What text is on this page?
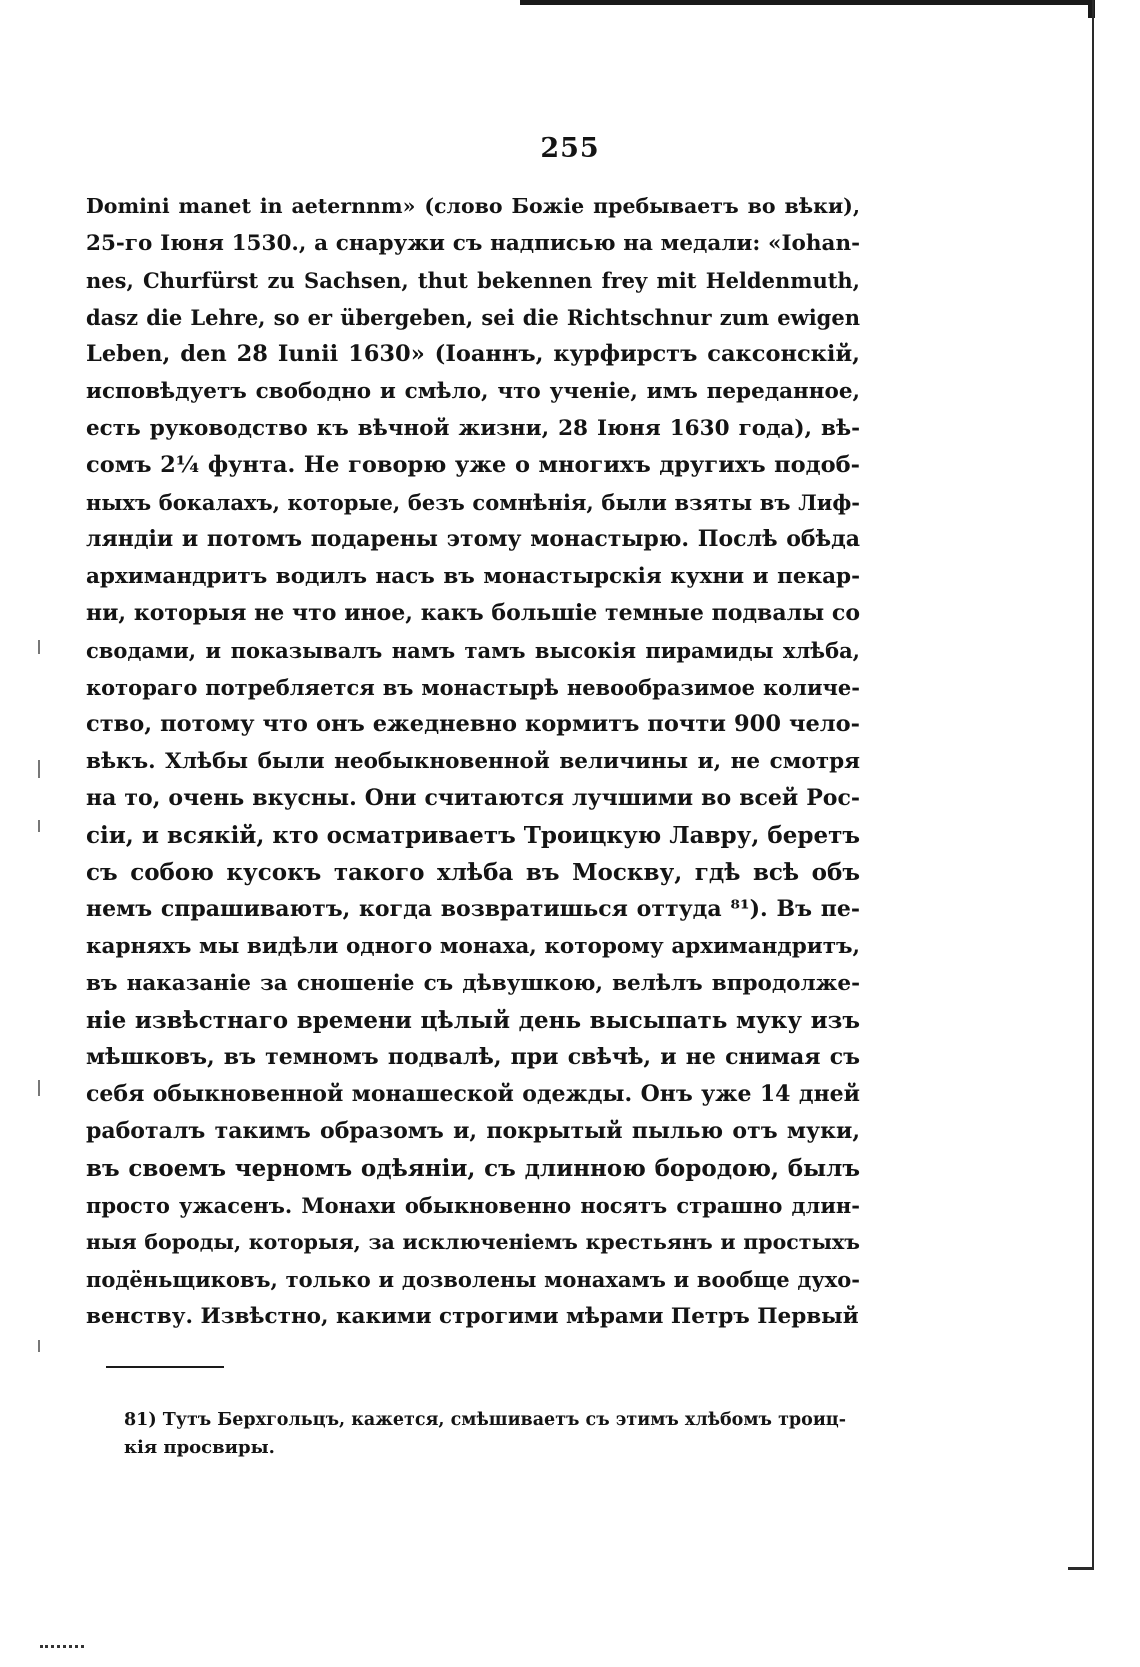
255
Domini manet in aeternnm» (слово Божіе пребываетъ во вѣки),
25-го Іюня 1530., а снаружи съ надписью на медали: «Iohan-
nes, Churfürst zu Sachsen, thut bekennen frey mit Heldenmuth,
dasz die Lehre, so er übergeben, sei die Richtschnur zum ewigen
Leben, den 28 Iunii 1630» (Іоаннъ, курфирстъ саксонскій,
исповѣдуетъ свободно и смѣло, что ученіе, имъ переданное,
есть руководство къ вѣчной жизни, 28 Іюня 1630 года), вѣ-
сомъ 2¼ фунта. Не говорю уже о многихъ другихъ подоб-
ныхъ бокалахъ, которые, безъ сомнѣнія, были взяты въ Лиф-
ляндіи и потомъ подарены этому монастырю. Послѣ обѣда
архимандритъ водилъ насъ въ монастырскія кухни и пекар-
ни, которыя не что иное, какъ большіе темные подвалы со
сводами, и показывалъ намъ тамъ высокія пирамиды хлѣба,
котораго потребляется въ монастырѣ невообразимое количе-
ство, потому что онъ ежедневно кормитъ почти 900 чело-
вѣкъ. Хлѣбы были необыкновенной величины и, не смотря
на то, очень вкусны. Они считаются лучшими во всей Рос-
сіи, и всякій, кто осматриваетъ Троицкую Лавру, беретъ
съ собою кусокъ такого хлѣба въ Москву, гдѣ всѣ объ
немъ спрашиваютъ, когда возвратишься оттуда ⁸¹). Въ пе-
карняхъ мы видѣли одного монаха, которому архимандритъ,
въ наказаніе за сношеніе съ дѣвушкою, велѣлъ впродолже-
ніе извѣстнаго времени цѣлый день высыпать муку изъ
мѣшковъ, въ темномъ подвалѣ, при свѣчѣ, и не снимая съ
себя обыкновенной монашеской одежды. Онъ уже 14 дней
работалъ такимъ образомъ и, покрытый пылью отъ муки,
въ своемъ черномъ одѣяніи, съ длинною бородою, былъ
просто ужасенъ. Монахи обыкновенно носятъ страшно длин-
ныя бороды, которыя, за исключеніемъ крестьянъ и простыхъ
подёньщиковъ, только и дозволены монахамъ и вообще духо-
венству. Извѣстно, какими строгими мѣрами Петръ Первый
81) Тутъ Берхгольцъ, кажется, смѣшиваетъ съ этимъ хлѣбомъ троиц-
кія просвиры.
